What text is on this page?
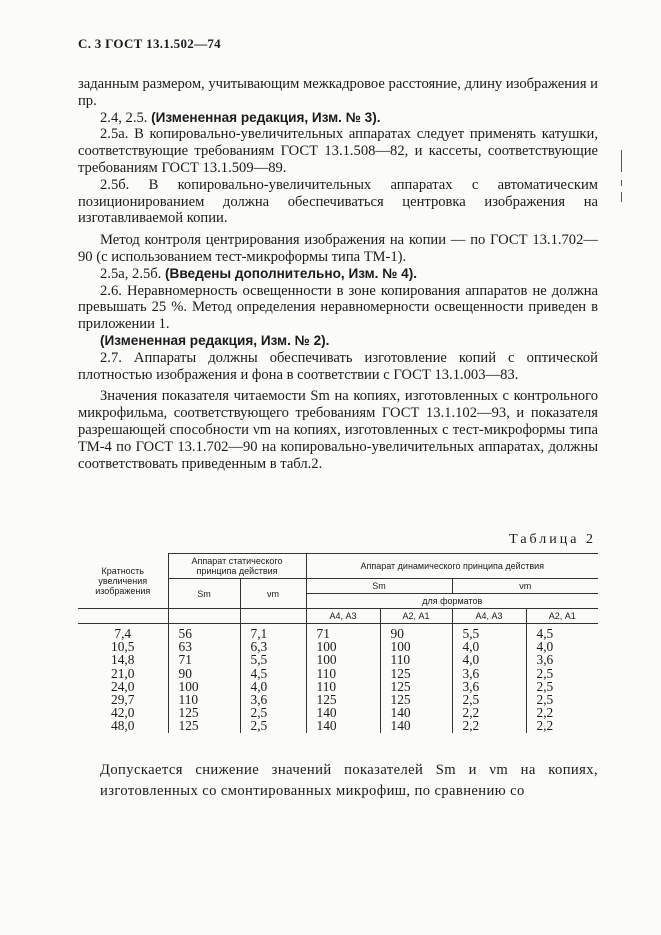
С. 3 ГОСТ 13.1.502—74

заданным размером, учитывающим межкадровое расстояние, длину изображения и пр.

2.4, 2.5. (Измененная редакция, Изм. № 3).

2.5а. В копировально-увеличительных аппаратах следует применять катушки, соответствующие требованиям ГОСТ 13.1.508—82, и кассеты, соответствующие требованиям ГОСТ 13.1.509—89.

2.5б. В копировально-увеличительных аппаратах с автоматическим позиционированием должна обеспечиваться центровка изображения на изготавливаемой копии.

Метод контроля центрирования изображения на копии — по ГОСТ 13.1.702—90 (с использованием тест-микроформы типа ТМ-1).

2.5а, 2.5б. (Введены дополнительно, Изм. № 4).

2.6. Неравномерность освещенности в зоне копирования аппаратов не должна превышать 25 %. Метод определения неравномерности освещенности приведен в приложении 1.

(Измененная редакция, Изм. № 2).

2.7. Аппараты должны обеспечивать изготовление копий с оптической плотностью изображения и фона в соответствии с ГОСТ 13.1.003—83.

Значения показателя читаемости Sm на копиях, изготовленных с контрольного микрофильма, соответствующего требованиям ГОСТ 13.1.102—93, и показателя разрешающей способности νm на копиях, изготовленных с тест-микроформы типа ТМ-4 по ГОСТ 13.1.702—90 на копировально-увеличительных аппаратах, должны соответствовать приведенным в табл.2.

Таблица 2
Кратность увеличения изображения	Аппарат статического принципа действия		Аппарат динамического принципа действия			
	Sm	νm	Sm		νm	
			для форматов			
			А4, А3	А2, А1	А4, А3	А2, А1
7,4	56	7,1	71	90	5,5	4,5
10,5	63	6,3	100	100	4,0	4,0
14,8	71	5,5	100	110	4,0	3,6
21,0	90	4,5	110	125	3,6	2,5
24,0	100	4,0	110	125	3,6	2,5
29,7	110	3,6	125	125	2,5	2,5
42,0	125	2,5	140	140	2,2	2,2
48,0	125	2,5	140	140	2,2	2,2

Допускается снижение значений показателей Sm и νm на копиях, изготовленных со смонтированных микрофиш, по сравнению со
